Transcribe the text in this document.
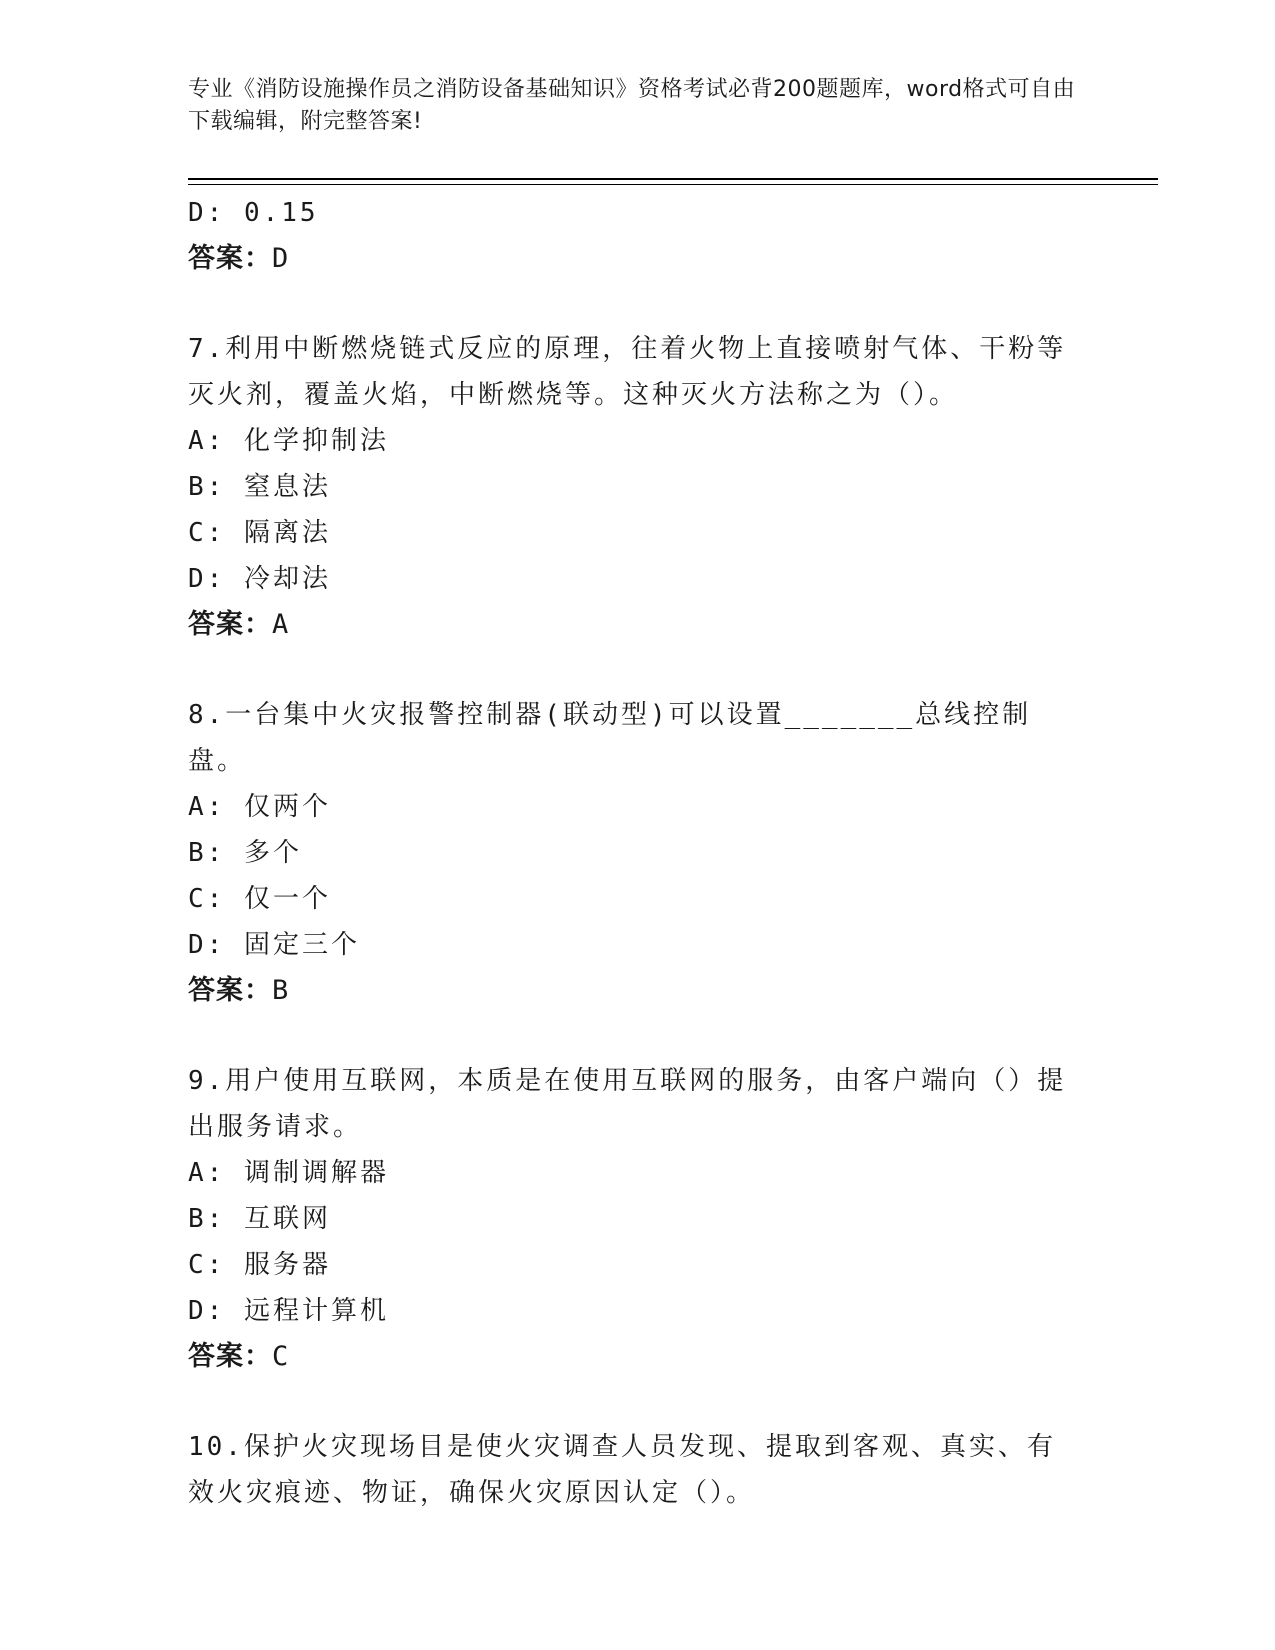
专业《消防设施操作员之消防设备基础知识》资格考试必背200题题库，word格式可自由下载编辑，附完整答案!
D: 0.15
答案：D
7.利用中断燃烧链式反应的原理，往着火物上直接喷射气体、干粉等灭火剂，覆盖火焰，中断燃烧等。这种灭火方法称之为（）。
A: 化学抑制法
B: 窒息法
C: 隔离法
D: 冷却法
答案：A
8.一台集中火灾报警控制器(联动型)可以设置_______总线控制盘。
A: 仅两个
B: 多个
C: 仅一个
D: 固定三个
答案：B
9.用户使用互联网，本质是在使用互联网的服务，由客户端向（）提出服务请求。
A: 调制调解器
B: 互联网
C: 服务器
D: 远程计算机
答案：C
10.保护火灾现场目是使火灾调查人员发现、提取到客观、真实、有效火灾痕迹、物证，确保火灾原因认定（）。
